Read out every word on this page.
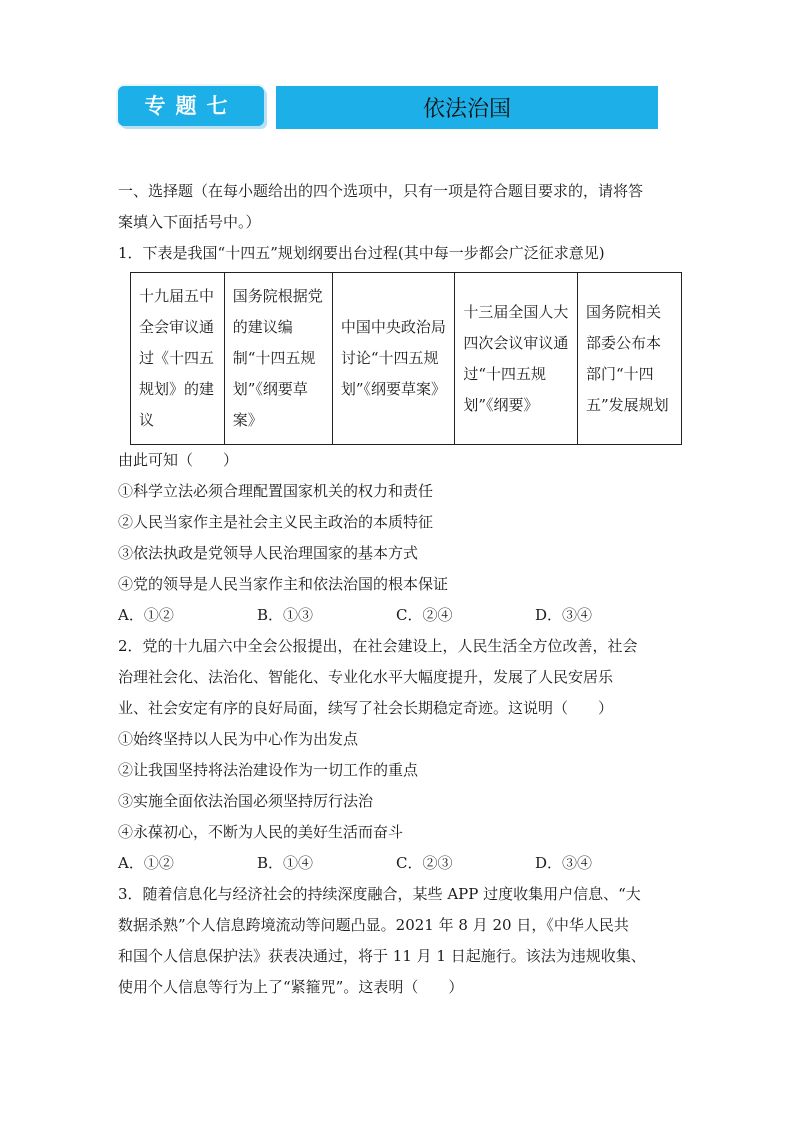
专题七	依法治国
一、选择题（在每小题给出的四个选项中，只有一项是符合题目要求的，请将答
案填入下面括号中。）
1．下表是我国“十四五”规划纲要出台过程(其中每一步都会广泛征求意见)
十九届五中全会审议通过《十四五规划》的建议	国务院根据党的建议编制“十四五规划”《纲要草案》	中国中央政治局讨论“十四五规划”《纲要草案》	十三届全国人大四次会议审议通过“十四五规划”《纲要》	国务院相关部委公布本部门“十四五”发展规划
由此可知（　　）
①科学立法必须合理配置国家机关的权力和责任
②人民当家作主是社会主义民主政治的本质特征
③依法执政是党领导人民治理国家的基本方式
④党的领导是人民当家作主和依法治国的根本保证
A．①②	B．①③	C．②④	D．③④
2．党的十九届六中全会公报提出，在社会建设上，人民生活全方位改善，社会
治理社会化、法治化、智能化、专业化水平大幅度提升，发展了人民安居乐
业、社会安定有序的良好局面，续写了社会长期稳定奇迹。这说明（　　）
①始终坚持以人民为中心作为出发点
②让我国坚持将法治建设作为一切工作的重点
③实施全面依法治国必须坚持厉行法治
④永葆初心，不断为人民的美好生活而奋斗
A．①②	B．①④	C．②③	D．③④
3．随着信息化与经济社会的持续深度融合，某些 APP 过度收集用户信息、“大
数据杀熟”个人信息跨境流动等问题凸显。2021 年 8 月 20 日，《中华人民共
和国个人信息保护法》获表决通过，将于 11 月 1 日起施行。该法为违规收集、
使用个人信息等行为上了“紧箍咒”。这表明（　　）
